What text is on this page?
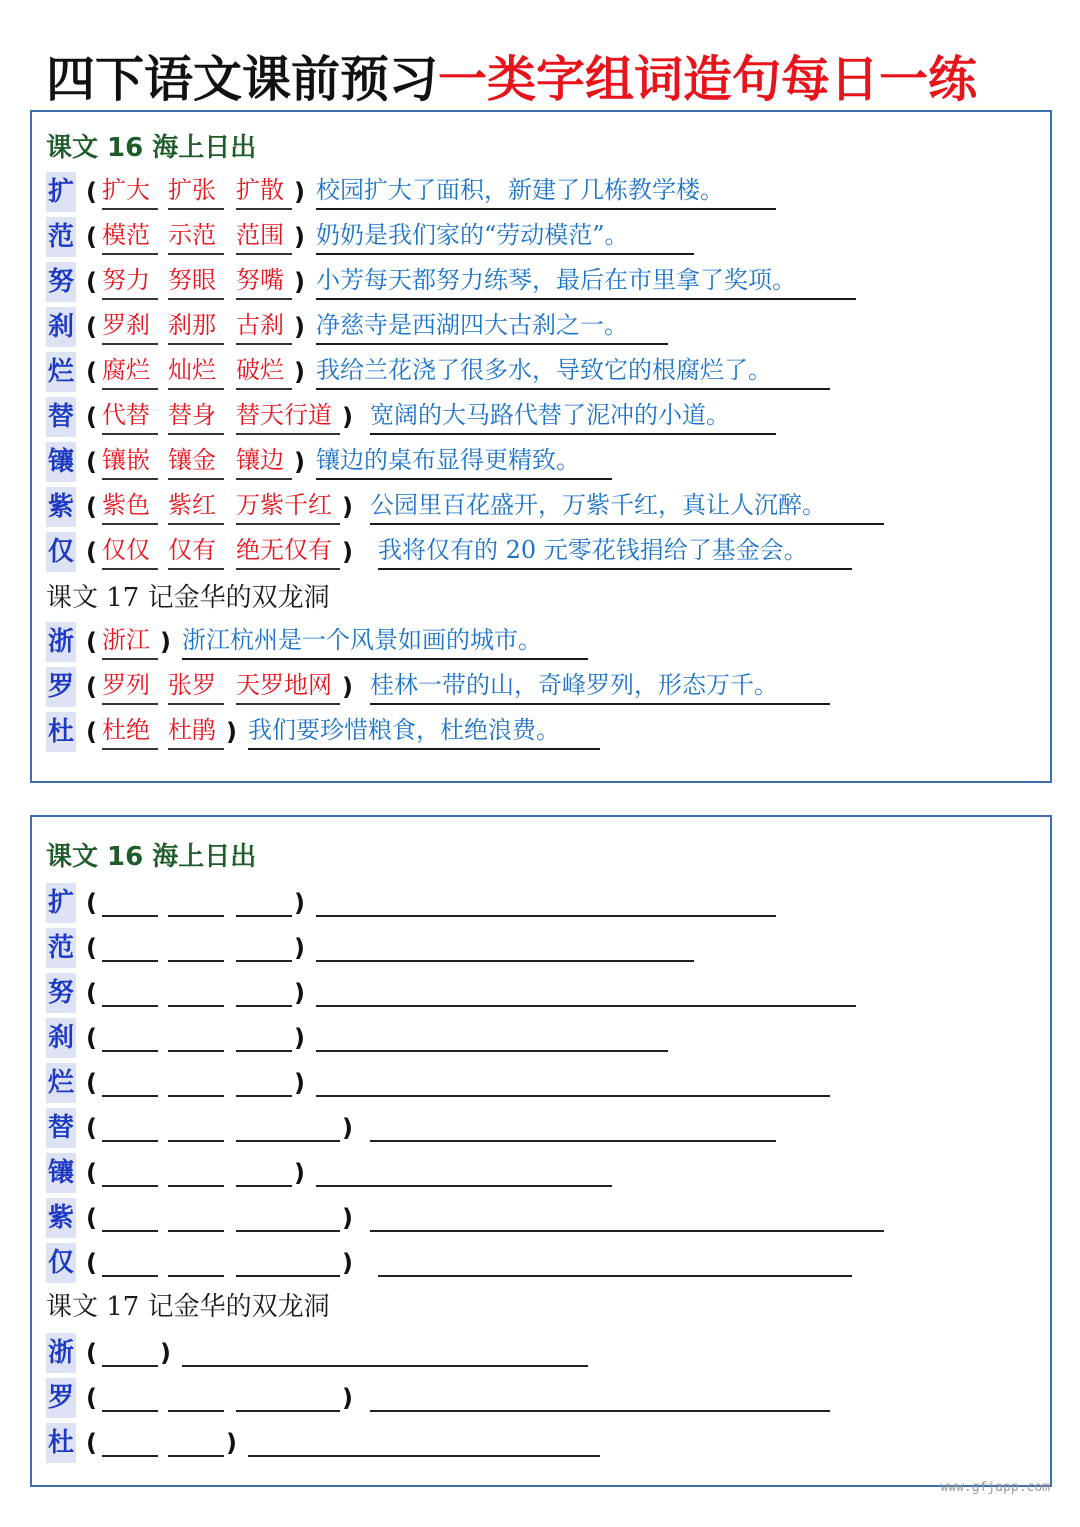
四下语文课前预习一类字组词造句每日一练
课文 16 海上日出
扩 ( 扩大 扩张 扩散 ) 校园扩大了面积，新建了几栋教学楼。
范 ( 模范 示范 范围 ) 奶奶是我们家的“劳动模范”。
努 ( 努力 努眼 努嘴 ) 小芳每天都努力练琴，最后在市里拿了奖项。
刹 ( 罗刹 刹那 古刹 ) 净慈寺是西湖四大古刹之一。
烂 ( 腐烂 灿烂 破烂 ) 我给兰花浇了很多水，导致它的根腐烂了。
替 ( 代替 替身 替天行道 ) 宽阔的大马路代替了泥冲的小道。
镶 ( 镶嵌 镶金 镶边 ) 镶边的桌布显得更精致。
紫 ( 紫色 紫红 万紫千红 ) 公园里百花盛开，万紫千红，真让人沉醉。
仅 ( 仅仅 仅有 绝无仅有 ) 我将仅有的 20 元零花钱捐给了基金会。
浙 ( 浙江 ) 浙江杭州是一个风景如画的城市。
罗 ( 罗列 张罗 天罗地网 ) 桂林一带的山，奇峰罗列，形态万千。
杜 ( 杜绝 杜鹃 ) 我们要珍惜粮食，杜绝浪费。
课文 17 记金华的双龙洞
课文 16 海上日出
扩 (	)
范 (	)
努 (	)
刹 (	)
烂 (	)
替 (	)
镶 (	)
紫 (	)
仅 (	)
浙 (	)
罗 (	)
杜 (	)
课文 17 记金华的双龙洞
www.gfjapp.com
